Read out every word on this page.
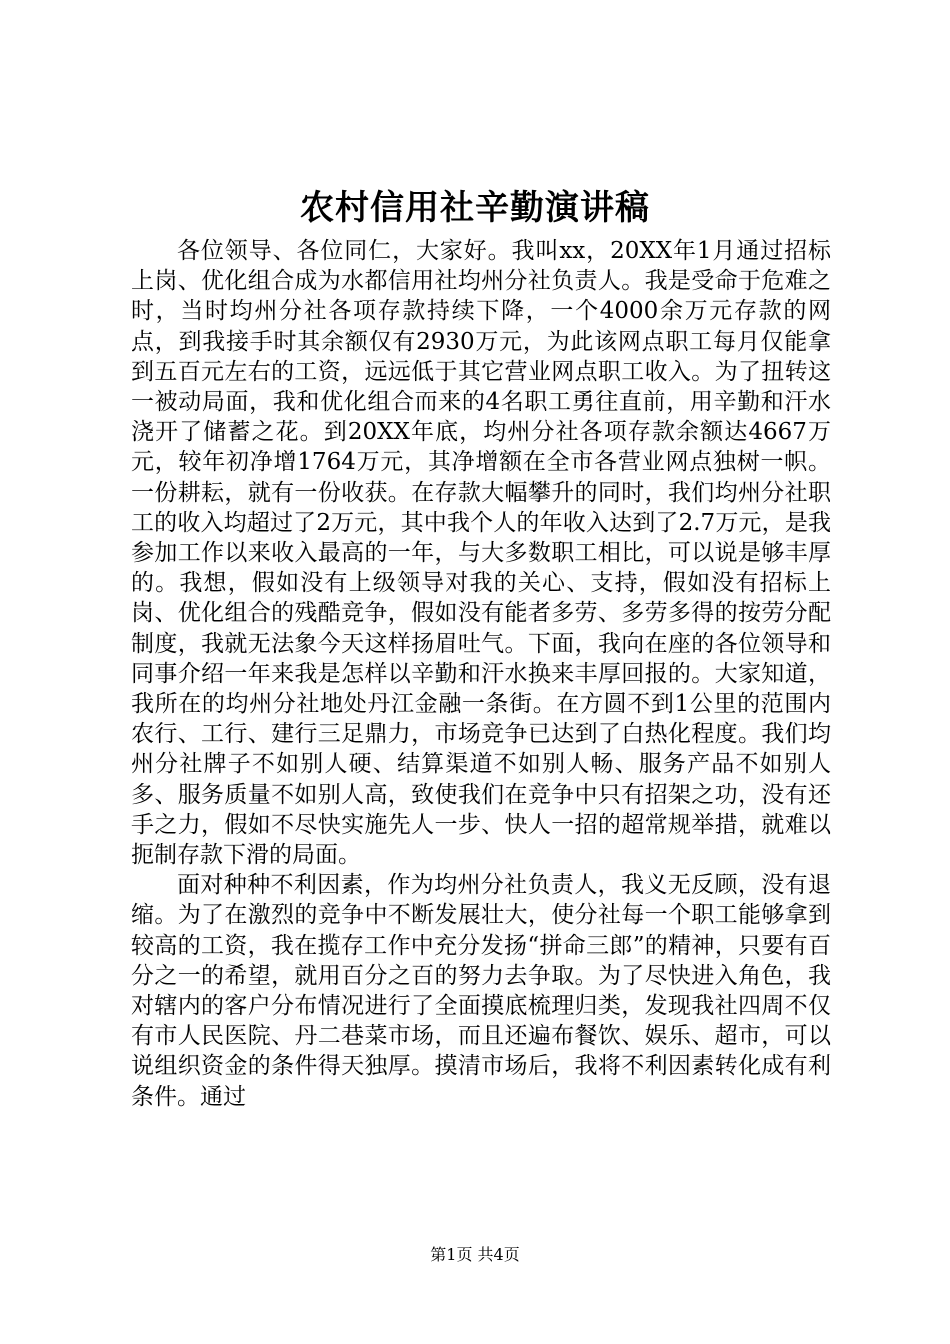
农村信用社辛勤演讲稿

各位领导、各位同仁，大家好。我叫xx，20XX年1月通过招标上岗、优化组合成为水都信用社均州分社负责人。我是受命于危难之时，当时均州分社各项存款持续下降，一个4000余万元存款的网点，到我接手时其余额仅有2930万元，为此该网点职工每月仅能拿到五百元左右的工资，远远低于其它营业网点职工收入。为了扭转这一被动局面，我和优化组合而来的4名职工勇往直前，用辛勤和汗水浇开了储蓄之花。到20XX年底，均州分社各项存款余额达4667万元，较年初净增1764万元，其净增额在全市各营业网点独树一帜。一份耕耘，就有一份收获。在存款大幅攀升的同时，我们均州分社职工的收入均超过了2万元，其中我个人的年收入达到了2.7万元，是我参加工作以来收入最高的一年，与大多数职工相比，可以说是够丰厚的。我想，假如没有上级领导对我的关心、支持，假如没有招标上岗、优化组合的残酷竞争，假如没有能者多劳、多劳多得的按劳分配制度，我就无法象今天这样扬眉吐气。下面，我向在座的各位领导和同事介绍一年来我是怎样以辛勤和汗水换来丰厚回报的。大家知道，我所在的均州分社地处丹江金融一条街。在方圆不到1公里的范围内农行、工行、建行三足鼎力，市场竞争已达到了白热化程度。我们均州分社牌子不如别人硬、结算渠道不如别人畅、服务产品不如别人多、服务质量不如别人高，致使我们在竞争中只有招架之功，没有还手之力，假如不尽快实施先人一步、快人一招的超常规举措，就难以扼制存款下滑的局面。

面对种种不利因素，作为均州分社负责人，我义无反顾，没有退缩。为了在激烈的竞争中不断发展壮大，使分社每一个职工能够拿到较高的工资，我在揽存工作中充分发扬“拼命三郎”的精神，只要有百分之一的希望，就用百分之百的努力去争取。为了尽快进入角色，我对辖内的客户分布情况进行了全面摸底梳理归类，发现我社四周不仅有市人民医院、丹二巷菜市场，而且还遍布餐饮、娱乐、超市，可以说组织资金的条件得天独厚。摸清市场后，我将不利因素转化成有利条件。通过

第1页 共4页
